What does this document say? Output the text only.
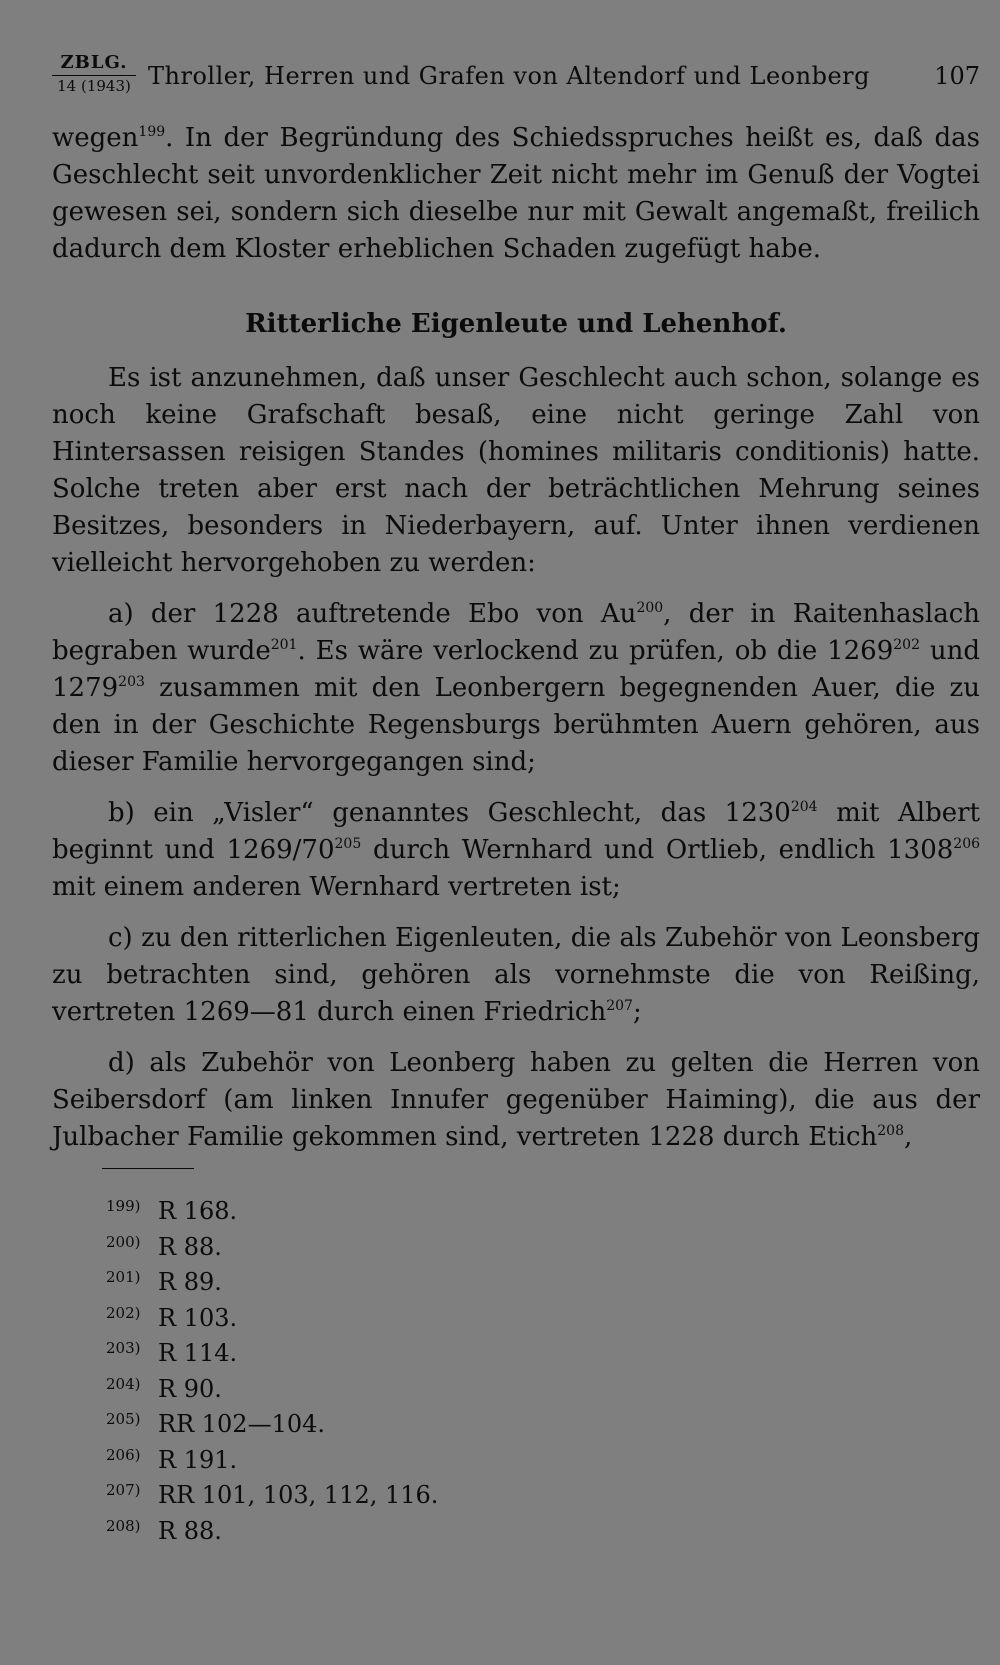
ZBLG.
14 (1943) Throller, Herren und Grafen von Altendorf und Leonberg	107

wegen$^{199}$. In der Begründung des Schiedsspruches heißt es, daß das Geschlecht seit unvordenklicher Zeit nicht mehr im Genuß der Vogtei gewesen sei, sondern sich dieselbe nur mit Gewalt angemaßt, freilich dadurch dem Kloster erheblichen Schaden zugefügt habe.

Ritterliche Eigenleute und Lehenhof.

Es ist anzunehmen, daß unser Geschlecht auch schon, solange es noch keine Grafschaft besaß, eine nicht geringe Zahl von Hintersassen reisigen Standes (homines militaris conditionis) hatte. Solche treten aber erst nach der beträchtlichen Mehrung seines Besitzes, besonders in Niederbayern, auf. Unter ihnen verdienen vielleicht hervorgehoben zu werden:

a) der 1228 auftretende Ebo von Au$^{200}$, der in Raitenhaslach begraben wurde$^{201}$. Es wäre verlockend zu prüfen, ob die 1269$^{202}$ und 1279$^{203}$ zusammen mit den Leonbergern begegnenden Auer, die zu den in der Geschichte Regensburgs berühmten Auern gehören, aus dieser Familie hervorgegangen sind;

b) ein „Visler“ genanntes Geschlecht, das 1230$^{204}$ mit Albert beginnt und $1269/70^{205}$ durch Wernhard und Ortlieb, endlich 1308$^{206}$ mit einem anderen Wernhard vertreten ist;

c) zu den ritterlichen Eigenleuten, die als Zubehör von Leonsberg zu betrachten sind, gehören als vornehmste die von Reißing, vertreten 1269—81 durch einen Friedrich$^{207}$;

d) als Zubehör von Leonberg haben zu gelten die Herren von Seibersdorf (am linken Innufer gegenüber Haiming), die aus der Julbacher Familie gekommen sind, vertreten 1228 durch Etich$^{208}$,

199) R 168.
200) R 88.
201) R 89.
202) R 103.
203) R 114.
204) R 90.
205) RR 102—104.
206) R 191.
207) RR 101, 103, 112, 116.
208) R 88.
